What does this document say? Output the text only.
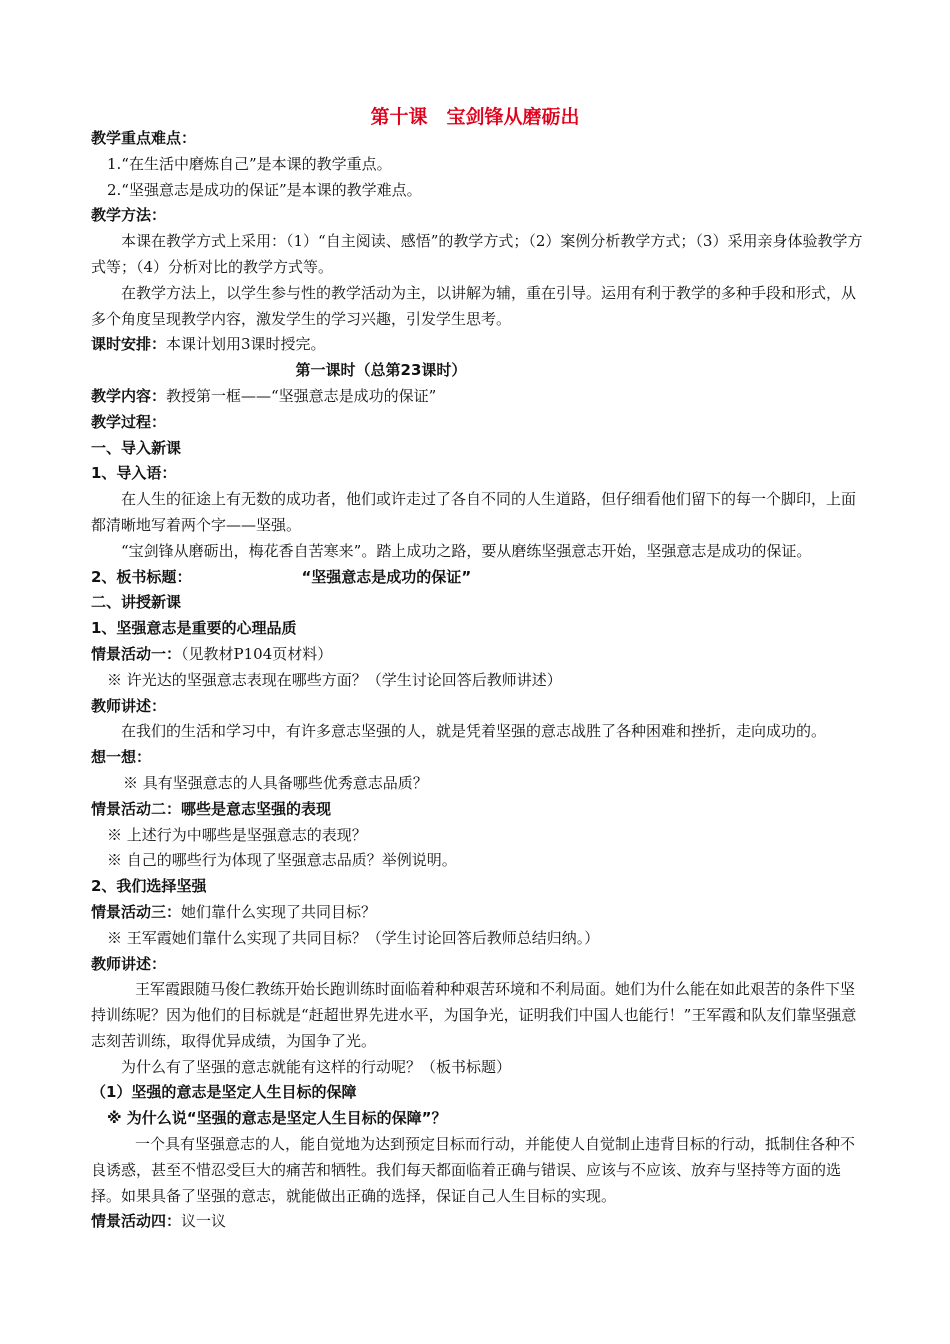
第十课　宝剑锋从磨砺出
教学重点难点：
1.“在生活中磨炼自己”是本课的教学重点。
2.“坚强意志是成功的保证”是本课的教学难点。
教学方法：
本课在教学方式上采用：（1）“自主阅读、感悟”的教学方式；（2）案例分析教学方式；（3）采用亲身体验教学方式等；（4）分析对比的教学方式等。
在教学方法上，以学生参与性的教学活动为主，以讲解为辅，重在引导。运用有利于教学的多种手段和形式，从多个角度呈现教学内容，激发学生的学习兴趣，引发学生思考。
课时安排：本课计划用3课时授完。
第一课时（总第23课时）
教学内容：教授第一框——“坚强意志是成功的保证”
教学过程：
一、导入新课
1、导入语：
在人生的征途上有无数的成功者，他们或许走过了各自不同的人生道路，但仔细看他们留下的每一个脚印，上面都清晰地写着两个字——坚强。
“宝剑锋从磨砺出，梅花香自苦寒来”。踏上成功之路，要从磨练坚强意志开始，坚强意志是成功的保证。
2、板书标题：	“坚强意志是成功的保证”
二、讲授新课
1、坚强意志是重要的心理品质
情景活动一：（见教材P104页材料）
※ 许光达的坚强意志表现在哪些方面？（学生讨论回答后教师讲述）
教师讲述：
在我们的生活和学习中，有许多意志坚强的人，就是凭着坚强的意志战胜了各种困难和挫折，走向成功的。
想一想：
※ 具有坚强意志的人具备哪些优秀意志品质？
情景活动二：哪些是意志坚强的表现
※ 上述行为中哪些是坚强意志的表现？
※ 自己的哪些行为体现了坚强意志品质？举例说明。
2、我们选择坚强
情景活动三：她们靠什么实现了共同目标？
※ 王军霞她们靠什么实现了共同目标？（学生讨论回答后教师总结归纳。）
教师讲述：
王军霞跟随马俊仁教练开始长跑训练时面临着种种艰苦环境和不利局面。她们为什么能在如此艰苦的条件下坚持训练呢？因为他们的目标就是“赶超世界先进水平，为国争光，证明我们中国人也能行！”王军霞和队友们靠坚强意志刻苦训练，取得优异成绩，为国争了光。
为什么有了坚强的意志就能有这样的行动呢？（板书标题）
（1）坚强的意志是坚定人生目标的保障
※ 为什么说“坚强的意志是坚定人生目标的保障”？
一个具有坚强意志的人，能自觉地为达到预定目标而行动，并能使人自觉制止违背目标的行动，抵制住各种不良诱惑，甚至不惜忍受巨大的痛苦和牺牲。我们每天都面临着正确与错误、应该与不应该、放弃与坚持等方面的选择。如果具备了坚强的意志，就能做出正确的选择，保证自己人生目标的实现。
情景活动四：议一议
